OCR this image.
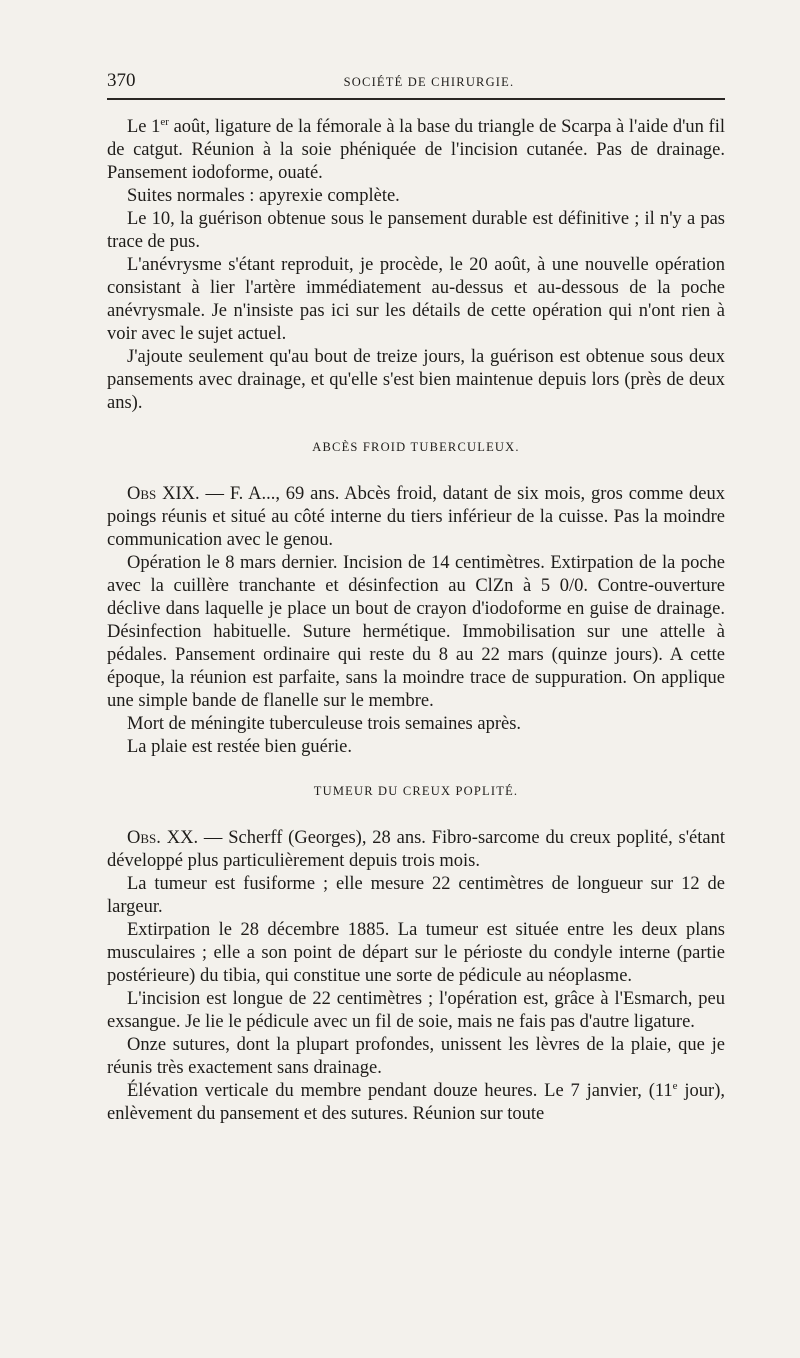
370	SOCIÉTÉ DE CHIRURGIE.

Le 1er août, ligature de la fémorale à la base du triangle de Scarpa à l'aide d'un fil de catgut. Réunion à la soie phéniquée de l'incision cutanée. Pas de drainage. Pansement iodoforme, ouaté.

Suites normales : apyrexie complète.

Le 10, la guérison obtenue sous le pansement durable est définitive ; il n'y a pas trace de pus.

L'anévrysme s'étant reproduit, je procède, le 20 août, à une nouvelle opération consistant à lier l'artère immédiatement au-dessus et au-dessous de la poche anévrysmale. Je n'insiste pas ici sur les détails de cette opération qui n'ont rien à voir avec le sujet actuel.

J'ajoute seulement qu'au bout de treize jours, la guérison est obtenue sous deux pansements avec drainage, et qu'elle s'est bien maintenue depuis lors (près de deux ans).

ABCÈS FROID TUBERCULEUX.

Obs XIX. — F. A..., 69 ans. Abcès froid, datant de six mois, gros comme deux poings réunis et situé au côté interne du tiers inférieur de la cuisse. Pas la moindre communication avec le genou.

Opération le 8 mars dernier. Incision de 14 centimètres. Extirpation de la poche avec la cuillère tranchante et désinfection au ClZn à 5 0/0. Contre-ouverture déclive dans laquelle je place un bout de crayon d'iodoforme en guise de drainage. Désinfection habituelle. Suture hermétique. Immobilisation sur une attelle à pédales. Pansement ordinaire qui reste du 8 au 22 mars (quinze jours). A cette époque, la réunion est parfaite, sans la moindre trace de suppuration. On applique une simple bande de flanelle sur le membre.

Mort de méningite tuberculeuse trois semaines après.

La plaie est restée bien guérie.

TUMEUR DU CREUX POPLITÉ.

Obs. XX. — Scherff (Georges), 28 ans. Fibro-sarcome du creux poplité, s'étant développé plus particulièrement depuis trois mois.

La tumeur est fusiforme ; elle mesure 22 centimètres de longueur sur 12 de largeur.

Extirpation le 28 décembre 1885. La tumeur est située entre les deux plans musculaires ; elle a son point de départ sur le périoste du condyle interne (partie postérieure) du tibia, qui constitue une sorte de pédicule au néoplasme.

L'incision est longue de 22 centimètres ; l'opération est, grâce à l'Esmarch, peu exsangue. Je lie le pédicule avec un fil de soie, mais ne fais pas d'autre ligature.

Onze sutures, dont la plupart profondes, unissent les lèvres de la plaie, que je réunis très exactement sans drainage.

Élévation verticale du membre pendant douze heures. Le 7 janvier, (11e jour), enlèvement du pansement et des sutures. Réunion sur toute
